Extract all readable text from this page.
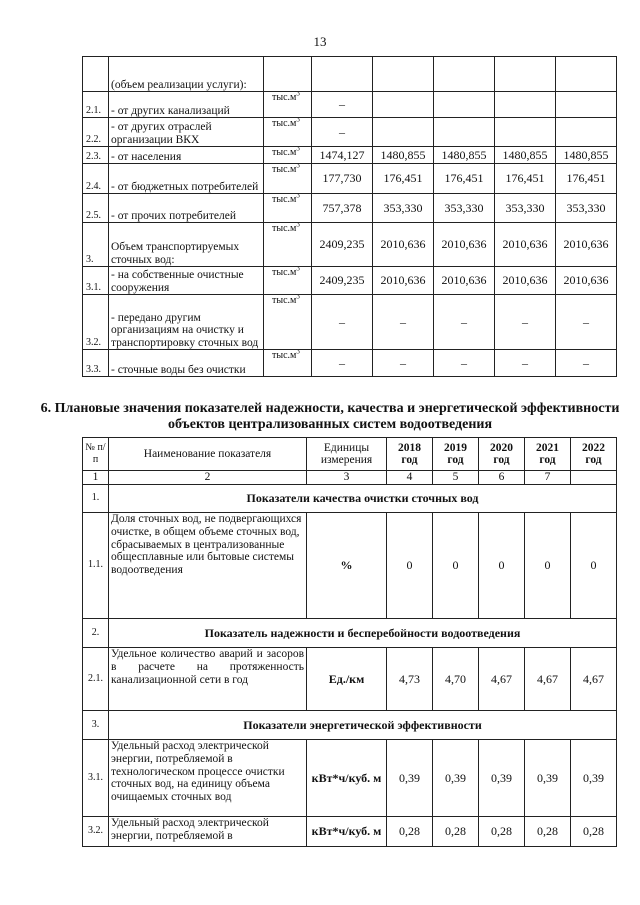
13
	(объем реализации услуги):						
2.1.	- от других канализаций	$тыс.м^3$	–				
2.2.	- от других отраслей организации ВКХ	$тыс.м^3$	–				
2.3.	- от населения	$тыс.м^3$	1474,127	1480,855	1480,855	1480,855	1480,855
2.4.	- от бюджетных потребителей	$тыс.м^3$	177,730	176,451	176,451	176,451	176,451
2.5.	- от прочих потребителей	$тыс.м^3$	757,378	353,330	353,330	353,330	353,330
3.	Объем транспортируемых сточных вод:	$тыс.м^3$	2409,235	2010,636	2010,636	2010,636	2010,636
3.1.	- на собственные очистные сооружения	$тыс.м^3$	2409,235	2010,636	2010,636	2010,636	2010,636
3.2.	- передано другим организациям на очистку и транспортировку сточных вод	$тыс.м^3$	–	–	–	–	–
3.3.	- сточные воды без очистки	$тыс.м^3$	–	–	–	–	–
6. Плановые значения показателей надежности, качества и энергетической эффективности объектов централизованных систем водоотведения
№ п/п	Наименование показателя	Единицы измерения	2018 год	2019 год	2020 год	2021 год	2022 год
1	2	3	4	5	6	7	
1.	Показатели качества очистки сточных вод						
1.1.	Доля сточных вод, не подвергающихся очистке, в общем объеме сточных вод, сбрасываемых в централизованные общесплавные или бытовые системы водоотведения	%	0	0	0	0	0
2.	Показатель надежности и бесперебойности водоотведения						
2.1.	Удельное количество аварий и засоров в расчете на протяженность канализационной сети в год	Ед./км	4,73	4,70	4,67	4,67	4,67
3.	Показатели энергетической эффективности						
3.1.	Удельный расход электрической энергии, потребляемой в технологическом процессе очистки сточных вод, на единицу объема очищаемых сточных вод	кВт*ч/куб. м	0,39	0,39	0,39	0,39	0,39
3.2.	Удельный расход электрической энергии, потребляемой в	кВт*ч/куб. м	0,28	0,28	0,28	0,28	0,28
